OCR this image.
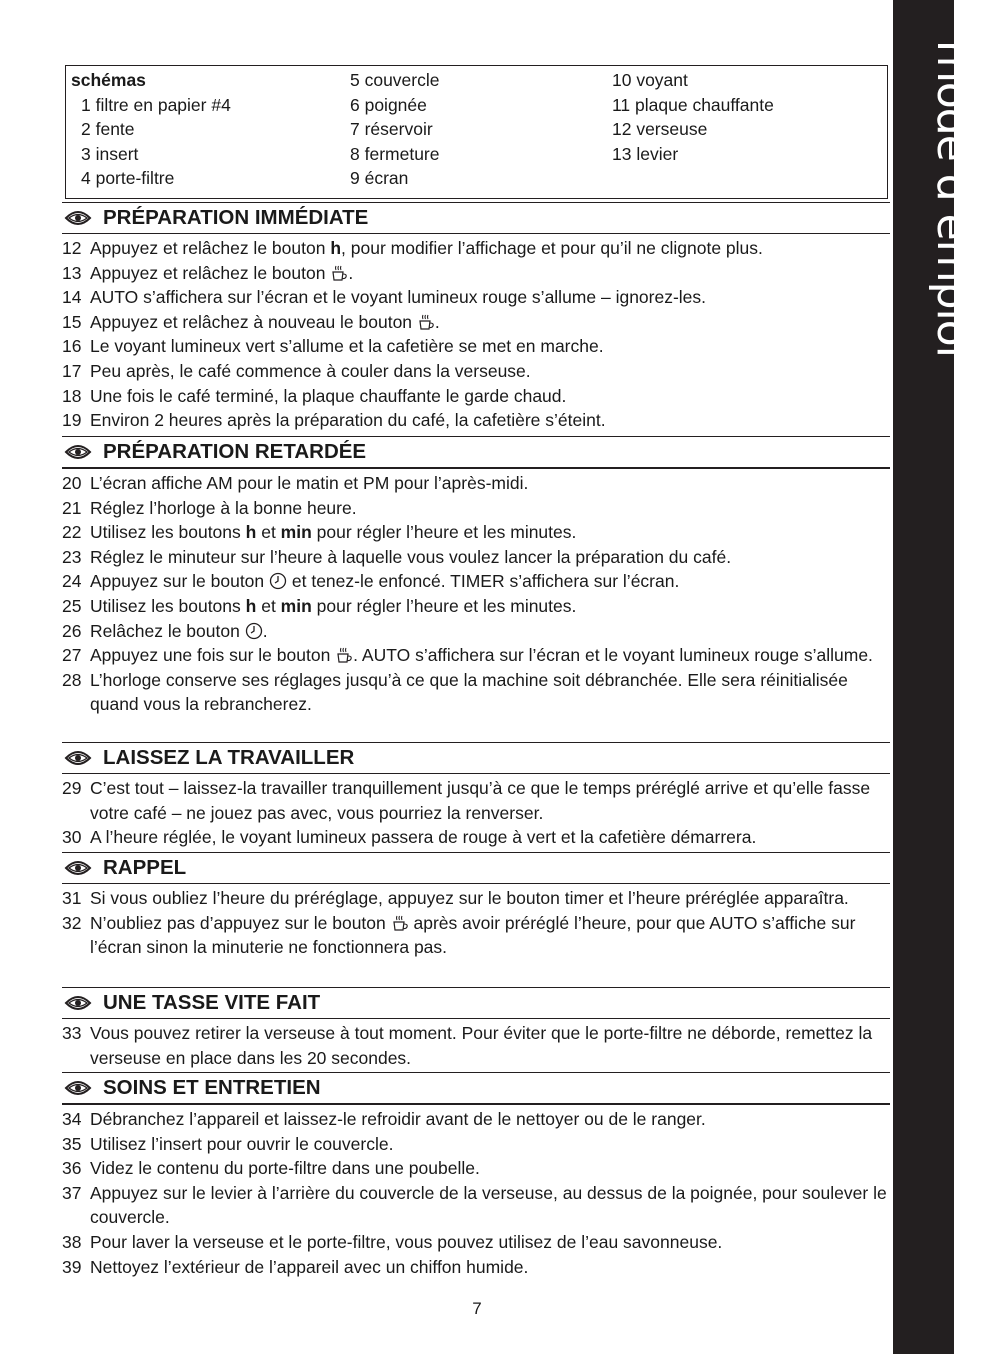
mode d’emploi
schémas
1 filtre en papier #4
2 fente
3 insert
4 porte-filtre
5 couvercle
6 poignée
7 réservoir
8 fermeture
9 écran
10 voyant
11 plaque chauffante
12 verseuse
13 levier
PRÉPARATION IMMÉDIATE
12 Appuyez et relâchez le bouton h, pour modifier l’affichage et pour qu’il ne clignote plus.
13 Appuyez et relâchez le bouton .
14 AUTO s’affichera sur l’écran et le voyant lumineux rouge s’allume – ignorez-les.
15 Appuyez et relâchez à nouveau le bouton .
16 Le voyant lumineux vert s’allume et la cafetière se met en marche.
17 Peu après, le café commence à couler dans la verseuse.
18 Une fois le café terminé, la plaque chauffante le garde chaud.
19 Environ 2 heures après la préparation du café, la cafetière s’éteint.
PRÉPARATION RETARDÉE
20 L’écran affiche AM pour le matin et PM pour l’après-midi.
21 Réglez l’horloge à la bonne heure.
22 Utilisez les boutons h et min pour régler l’heure et les minutes.
23 Réglez le minuteur sur l’heure à laquelle vous voulez lancer la préparation du café.
24 Appuyez sur le bouton  et tenez-le enfoncé. TIMER s’affichera sur l’écran.
25 Utilisez les boutons h et min pour régler l’heure et les minutes.
26 Relâchez le bouton .
27 Appuyez une fois sur le bouton . AUTO s’affichera sur l’écran et le voyant lumineux rouge s’allume.
28 L’horloge conserve ses réglages jusqu’à ce que la machine soit débranchée. Elle sera réinitialisée quand vous la rebrancherez.
LAISSEZ LA TRAVAILLER
29 C’est tout – laissez-la travailler tranquillement jusqu’à ce que le temps préréglé arrive et qu’elle fasse votre café – ne jouez pas avec, vous pourriez la renverser.
30 A l’heure réglée, le voyant lumineux passera de rouge à vert et la cafetière démarrera.
RAPPEL
31 Si vous oubliez l’heure du préréglage, appuyez sur le bouton timer et l’heure préréglée apparaîtra.
32 N’oubliez pas d’appuyez sur le bouton  après avoir préréglé l’heure, pour que AUTO s’affiche sur l’écran sinon la minuterie ne fonctionnera pas.
UNE TASSE VITE FAIT
33 Vous pouvez retirer la verseuse à tout moment. Pour éviter que le porte-filtre ne déborde, remettez la verseuse en place dans les 20 secondes.
SOINS ET ENTRETIEN
34 Débranchez l’appareil et laissez-le refroidir avant de le nettoyer ou de le ranger.
35 Utilisez l’insert pour ouvrir le couvercle.
36 Videz le contenu du porte-filtre dans une poubelle.
37 Appuyez sur le levier à l’arrière du couvercle de la verseuse, au dessus de la poignée, pour soulever le couvercle.
38 Pour laver la verseuse et le porte-filtre, vous pouvez utilisez de l’eau savonneuse.
39 Nettoyez l’extérieur de l’appareil avec un chiffon humide.
7
